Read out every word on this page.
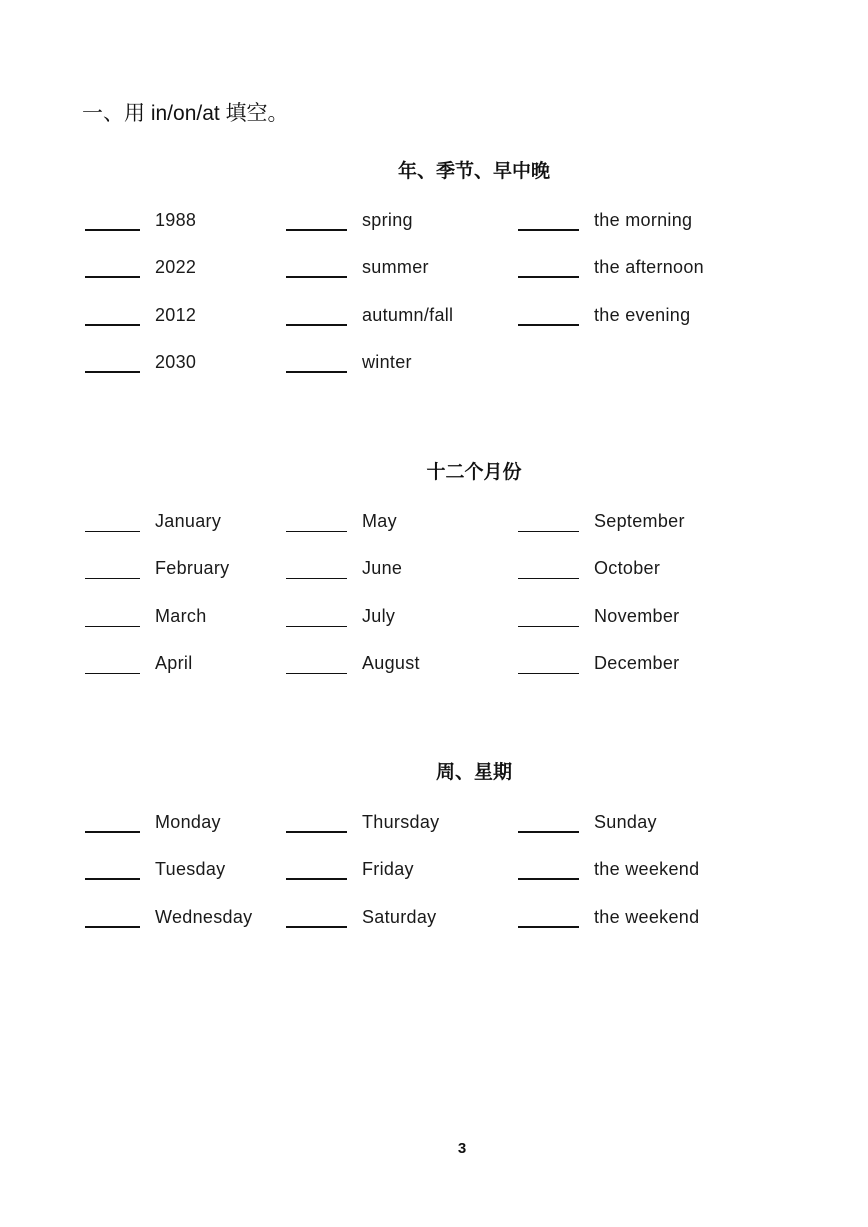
一、用 in/on/at 填空。
年、季节、早中晚
1988	spring	the morning
2022	summer	the afternoon
2012	autumn/fall	the evening
2030	winter
十二个月份
January	May	September
February	June	October
March	July	November
April	August	December
周、星期
Monday	Thursday	Sunday
Tuesday	Friday	the weekend
Wednesday	Saturday	the weekend
3
